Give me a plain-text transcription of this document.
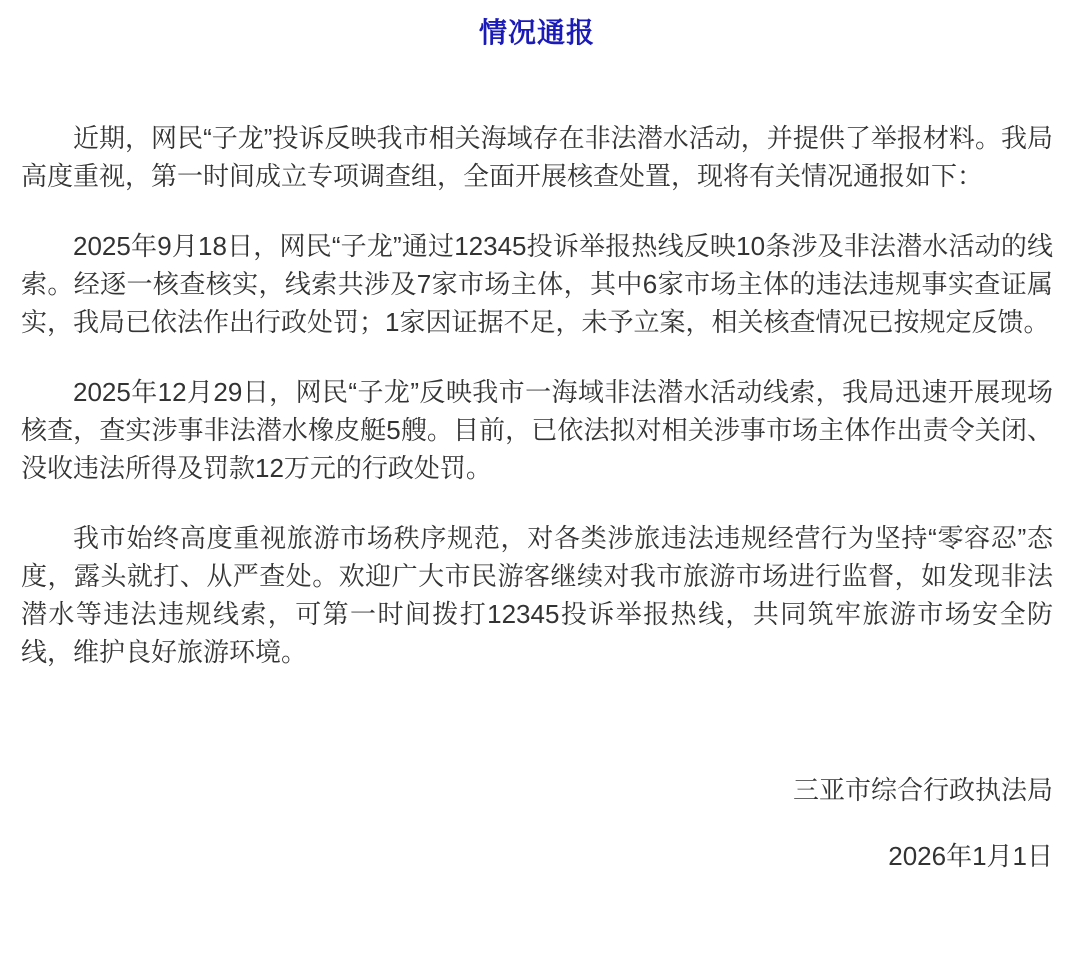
情况通报

近期，网民“子龙”投诉反映我市相关海域存在非法潜水活动，并提供了举报材料。我局高度重视，第一时间成立专项调查组，全面开展核查处置，现将有关情况通报如下：

2025年9月18日，网民“子龙”通过12345投诉举报热线反映10条涉及非法潜水活动的线索。经逐一核查核实，线索共涉及7家市场主体，其中6家市场主体的违法违规事实查证属实，我局已依法作出行政处罚；1家因证据不足，未予立案，相关核查情况已按规定反馈。

2025年12月29日，网民“子龙”反映我市一海域非法潜水活动线索，我局迅速开展现场核查，查实涉事非法潜水橡皮艇5艘。目前，已依法拟对相关涉事市场主体作出责令关闭、没收违法所得及罚款12万元的行政处罚。

我市始终高度重视旅游市场秩序规范，对各类涉旅违法违规经营行为坚持“零容忍”态度，露头就打、从严查处。欢迎广大市民游客继续对我市旅游市场进行监督，如发现非法潜水等违法违规线索，可第一时间拨打12345投诉举报热线，共同筑牢旅游市场安全防线，维护良好旅游环境。

三亚市综合行政执法局

2026年1月1日
